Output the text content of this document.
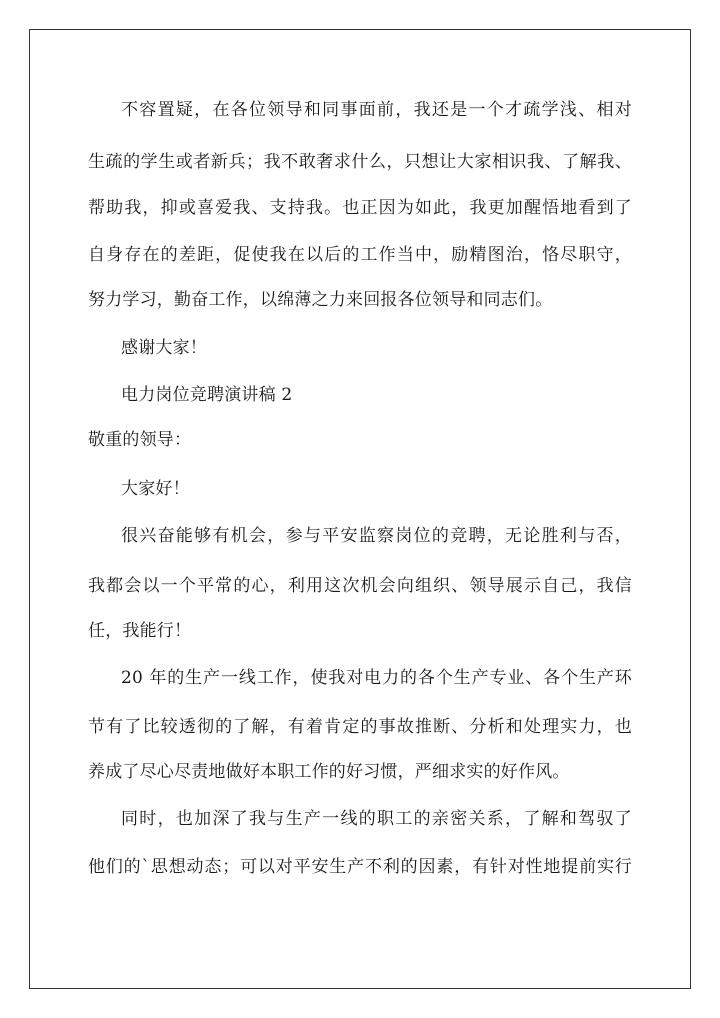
不容置疑，在各位领导和同事面前，我还是一个才疏学浅、相对
生疏的学生或者新兵；我不敢奢求什么，只想让大家相识我、了解我、
帮助我，抑或喜爱我、支持我。也正因为如此，我更加醒悟地看到了
自身存在的差距，促使我在以后的工作当中，励精图治，恪尽职守，
努力学习，勤奋工作，以绵薄之力来回报各位领导和同志们。
感谢大家！
电力岗位竞聘演讲稿 2
敬重的领导：
大家好！
很兴奋能够有机会，参与平安监察岗位的竞聘，无论胜利与否，
我都会以一个平常的心，利用这次机会向组织、领导展示自己，我信
任，我能行！
20 年的生产一线工作，使我对电力的各个生产专业、各个生产环
节有了比较透彻的了解，有着肯定的事故推断、分析和处理实力，也
养成了尽心尽责地做好本职工作的好习惯，严细求实的好作风。
同时，也加深了我与生产一线的职工的亲密关系，了解和驾驭了
他们的`思想动态；可以对平安生产不利的因素，有针对性地提前实行
